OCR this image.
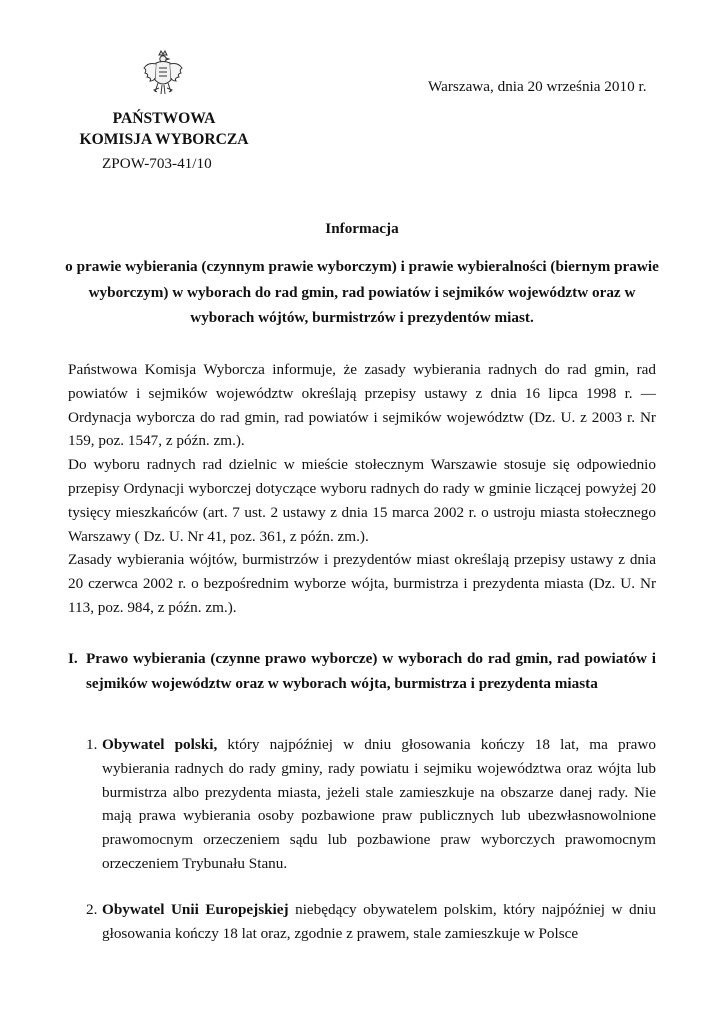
Warszawa, dnia 20 września 2010 r.
PAŃSTWOWA
KOMISJA WYBORCZA
ZPOW-703-41/10
Informacja
o prawie wybierania (czynnym prawie wyborczym) i prawie wybieralności (biernym prawie wyborczym) w wyborach do rad gmin, rad powiatów i sejmików województw oraz w wyborach wójtów, burmistrzów i prezydentów miast.

Państwowa Komisja Wyborcza informuje, że zasady wybierania radnych do rad gmin, rad powiatów i sejmików województw określają przepisy ustawy z dnia 16 lipca 1998 r. — Ordynacja wyborcza do rad gmin, rad powiatów i sejmików województw (Dz. U. z 2003 r. Nr 159, poz. 1547, z późn. zm.).

Do wyboru radnych rad dzielnic w mieście stołecznym Warszawie stosuje się odpowiednio przepisy Ordynacji wyborczej dotyczące wyboru radnych do rady w gminie liczącej powyżej 20 tysięcy mieszkańców (art. 7 ust. 2 ustawy z dnia 15 marca 2002 r. o ustroju miasta stołecznego Warszawy ( Dz. U. Nr 41, poz. 361, z późn. zm.).

Zasady wybierania wójtów, burmistrzów i prezydentów miast określają przepisy ustawy z dnia 20 czerwca 2002 r. o bezpośrednim wyborze wójta, burmistrza i prezydenta miasta (Dz. U. Nr 113, poz. 984, z późn. zm.).

I. Prawo wybierania (czynne prawo wyborcze) w wyborach do rad gmin, rad powiatów i sejmików województw oraz w wyborach wójta, burmistrza i prezydenta miasta
1. Obywatel polski, który najpóźniej w dniu głosowania kończy 18 lat, ma prawo wybierania radnych do rady gminy, rady powiatu i sejmiku województwa oraz wójta lub burmistrza albo prezydenta miasta, jeżeli stale zamieszkuje na obszarze danej rady. Nie mają prawa wybierania osoby pozbawione praw publicznych lub ubezwłasnowolnione prawomocnym orzeczeniem sądu lub pozbawione praw wyborczych prawomocnym orzeczeniem Trybunału Stanu.
2. Obywatel Unii Europejskiej niebędący obywatelem polskim, który najpóźniej w dniu głosowania kończy 18 lat oraz, zgodnie z prawem, stale zamieszkuje w Polsce
